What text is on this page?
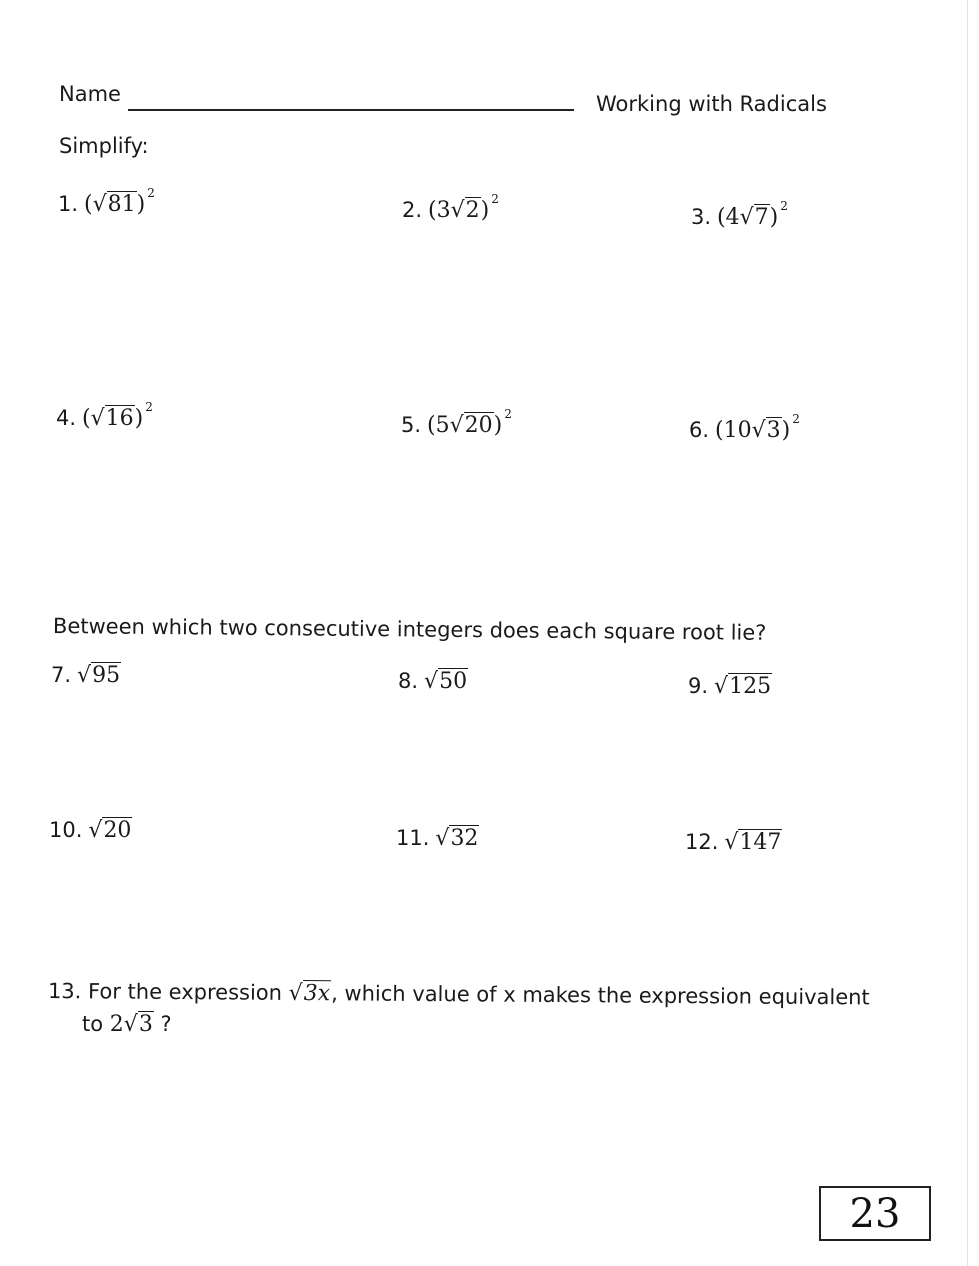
Name	Working with Radicals
Simplify:
1. (√81) $^2$
2. (3√2) $^2$
3. (4√7) $^2$
4. (√16) $^2$
5. (5√20) $^2$
6. (10√3) $^2$
Between which two consecutive integers does each square root lie?
7. √95	8. √50	9. √125
10. √20	11. √32	12. √147
13. For the expression √3x, which value of x makes the expression equivalent
to 2√3 ?
23
